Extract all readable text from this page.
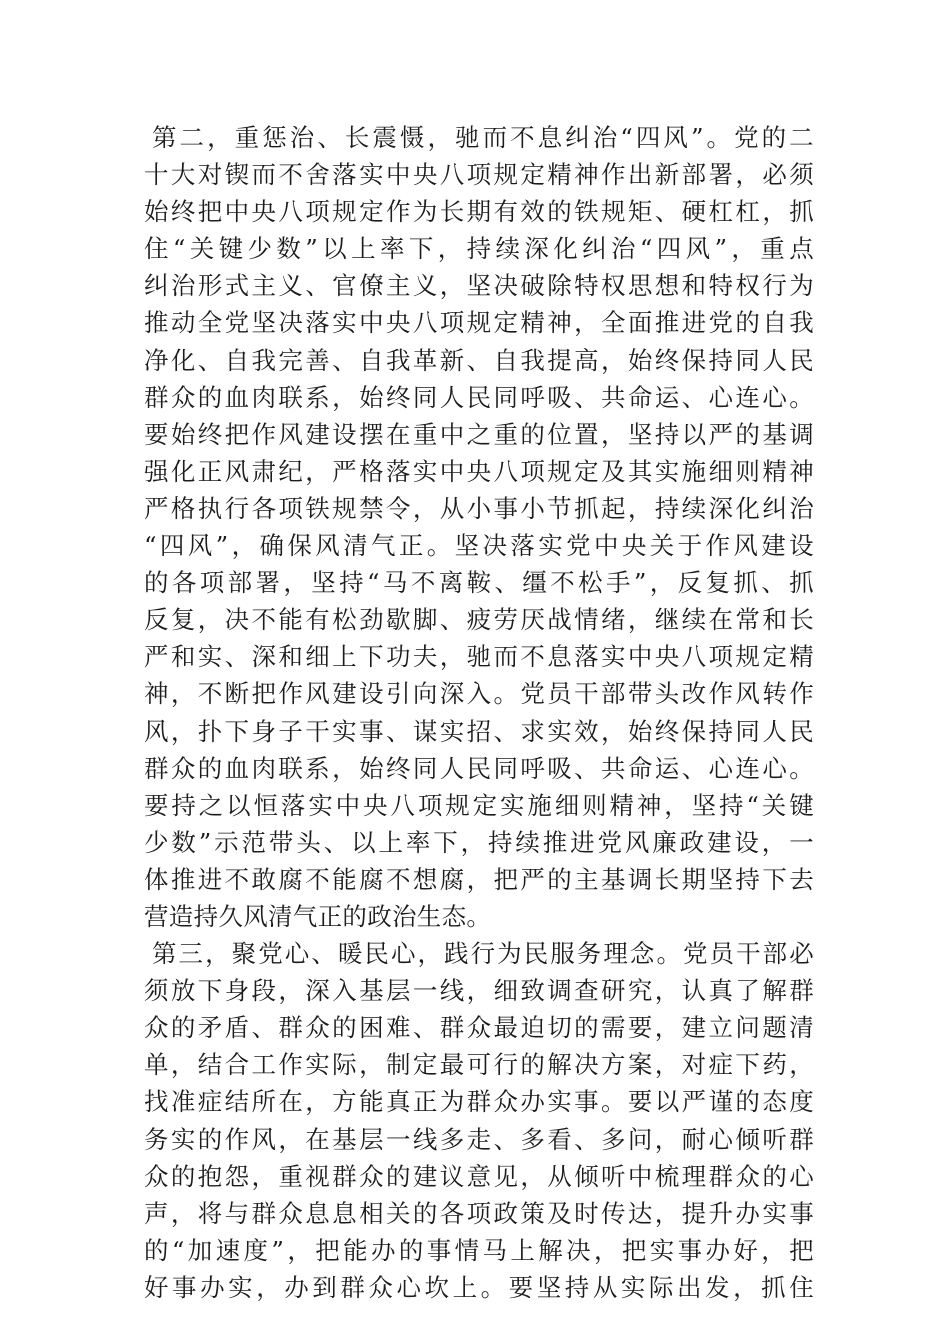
第二，重惩治、长震慑，驰而不息纠治“四风”。党的二
十大对锲而不舍落实中央八项规定精神作出新部署，必须
始终把中央八项规定作为长期有效的铁规矩、硬杠杠，抓
住“关键少数”以上率下，持续深化纠治“四风”，重点
纠治形式主义、官僚主义，坚决破除特权思想和特权行为
推动全党坚决落实中央八项规定精神，全面推进党的自我
净化、自我完善、自我革新、自我提高，始终保持同人民
群众的血肉联系，始终同人民同呼吸、共命运、心连心。
要始终把作风建设摆在重中之重的位置，坚持以严的基调
强化正风肃纪，严格落实中央八项规定及其实施细则精神
严格执行各项铁规禁令，从小事小节抓起，持续深化纠治
“四风”，确保风清气正。坚决落实党中央关于作风建设
的各项部署，坚持“马不离鞍、缰不松手”，反复抓、抓
反复，决不能有松劲歇脚、疲劳厌战情绪，继续在常和长
严和实、深和细上下功夫，驰而不息落实中央八项规定精
神，不断把作风建设引向深入。党员干部带头改作风转作
风，扑下身子干实事、谋实招、求实效，始终保持同人民
群众的血肉联系，始终同人民同呼吸、共命运、心连心。
要持之以恒落实中央八项规定实施细则精神，坚持“关键
少数”示范带头、以上率下，持续推进党风廉政建设，一
体推进不敢腐不能腐不想腐，把严的主基调长期坚持下去
营造持久风清气正的政治生态。
第三，聚党心、暖民心，践行为民服务理念。党员干部必
须放下身段，深入基层一线，细致调查研究，认真了解群
众的矛盾、群众的困难、群众最迫切的需要，建立问题清
单，结合工作实际，制定最可行的解决方案，对症下药，
找准症结所在，方能真正为群众办实事。要以严谨的态度
务实的作风，在基层一线多走、多看、多问，耐心倾听群
众的抱怨，重视群众的建议意见，从倾听中梳理群众的心
声，将与群众息息相关的各项政策及时传达，提升办实事
的“加速度”，把能办的事情马上解决，把实事办好，把
好事办实，办到群众心坎上。要坚持从实际出发，抓住
